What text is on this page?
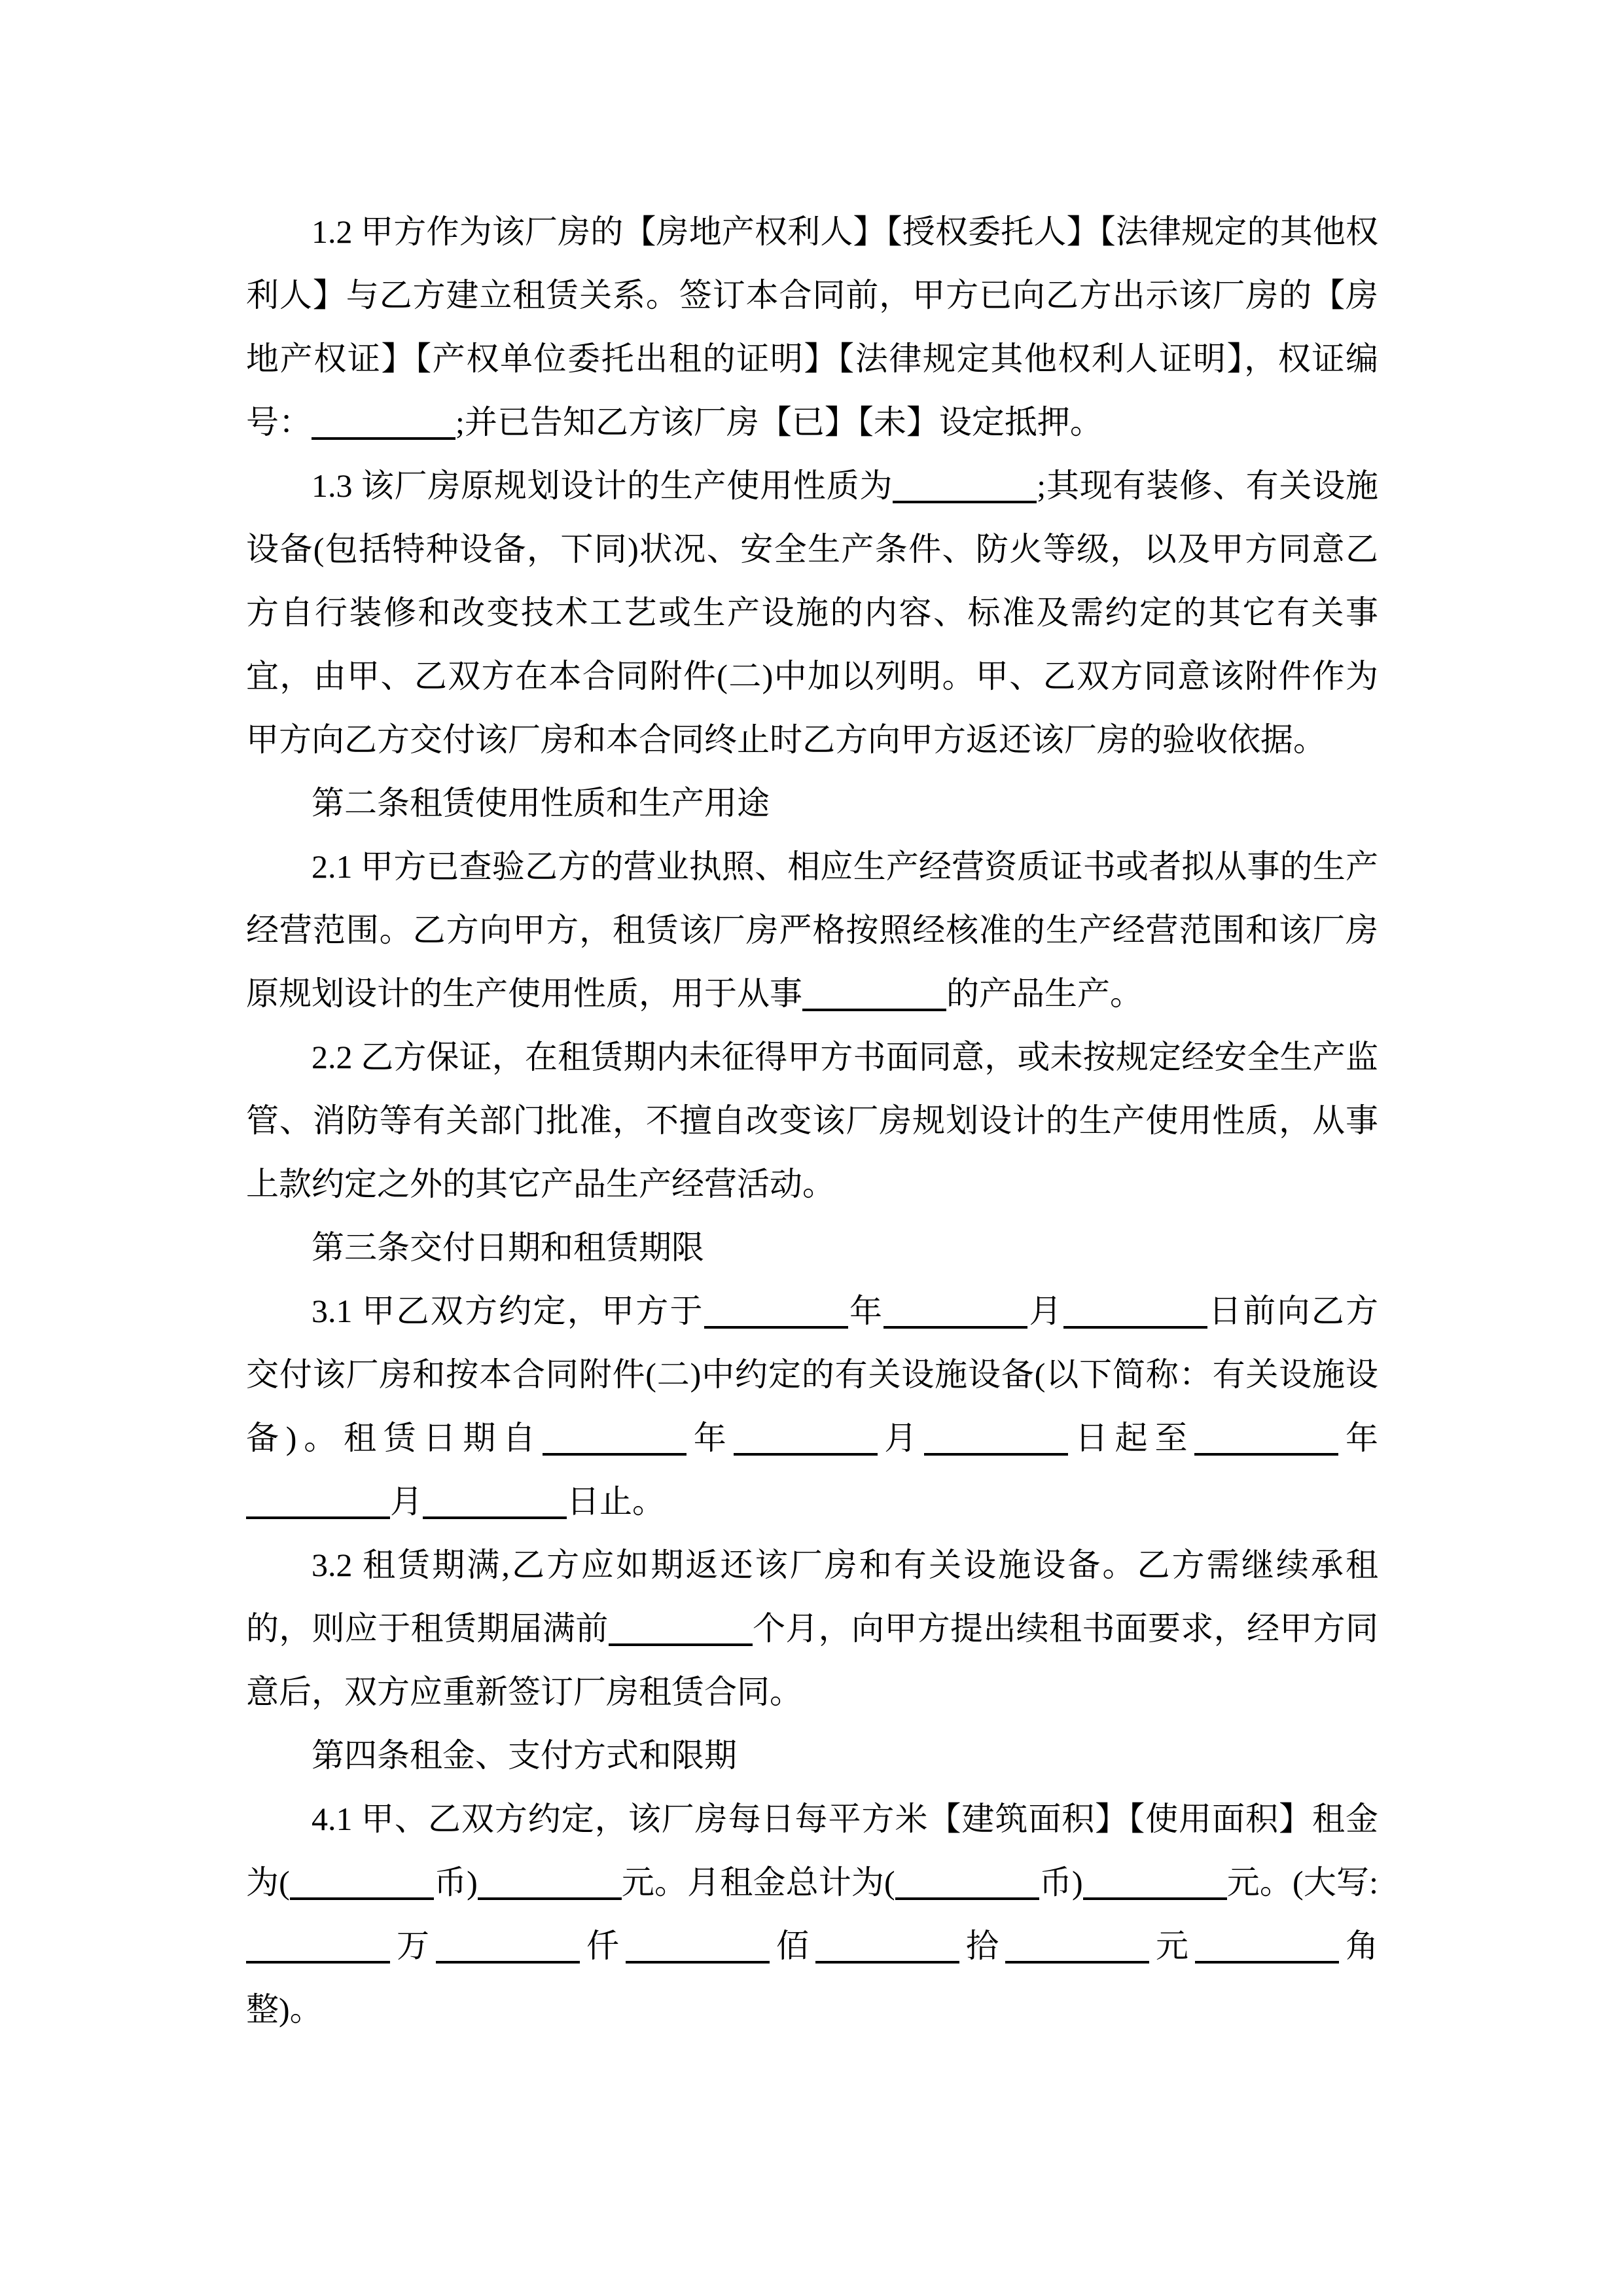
1.2 甲方作为该厂房的【房地产权利人】【授权委托人】【法律规定的其他权利人】与乙方建立租赁关系。签订本合同前，甲方已向乙方出示该厂房的【房地产权证】【产权单位委托出租的证明】【法律规定其他权利人证明】，权证编号：	;并已告知乙方该厂房【已】【未】设定抵押。

1.3 该厂房原规划设计的生产使用性质为	;其现有装修、有关设施设备(包括特种设备，下同)状况、安全生产条件、防火等级，以及甲方同意乙方自行装修和改变技术工艺或生产设施的内容、标准及需约定的其它有关事宜，由甲、乙双方在本合同附件(二)中加以列明。甲、乙双方同意该附件作为甲方向乙方交付该厂房和本合同终止时乙方向甲方返还该厂房的验收依据。

第二条租赁使用性质和生产用途

2.1 甲方已查验乙方的营业执照、相应生产经营资质证书或者拟从事的生产经营范围。乙方向甲方，租赁该厂房严格按照经核准的生产经营范围和该厂房原规划设计的生产使用性质，用于从事	的产品生产。

2.2 乙方保证，在租赁期内未征得甲方书面同意，或未按规定经安全生产监管、消防等有关部门批准，不擅自改变该厂房规划设计的生产使用性质，从事上款约定之外的其它产品生产经营活动。

第三条交付日期和租赁期限

3.1 甲乙双方约定，甲方于	年	月	日前向乙方交付该厂房和按本合同附件(二)中约定的有关设施设备(以下简称：有关设施设备)。租赁日期自	年	月	日起至	年月	日止。

3.2 租赁期满,乙方应如期返还该厂房和有关设施设备。乙方需继续承租的，则应于租赁期届满前	个月，向甲方提出续租书面要求，经甲方同意后，双方应重新签订厂房租赁合同。

第四条租金、支付方式和限期

4.1 甲、乙双方约定，该厂房每日每平方米【建筑面积】【使用面积】租金为(	币)	元。月租金总计为(	币)	元。(大写: 万	仟	佰	拾	元	角整)。
